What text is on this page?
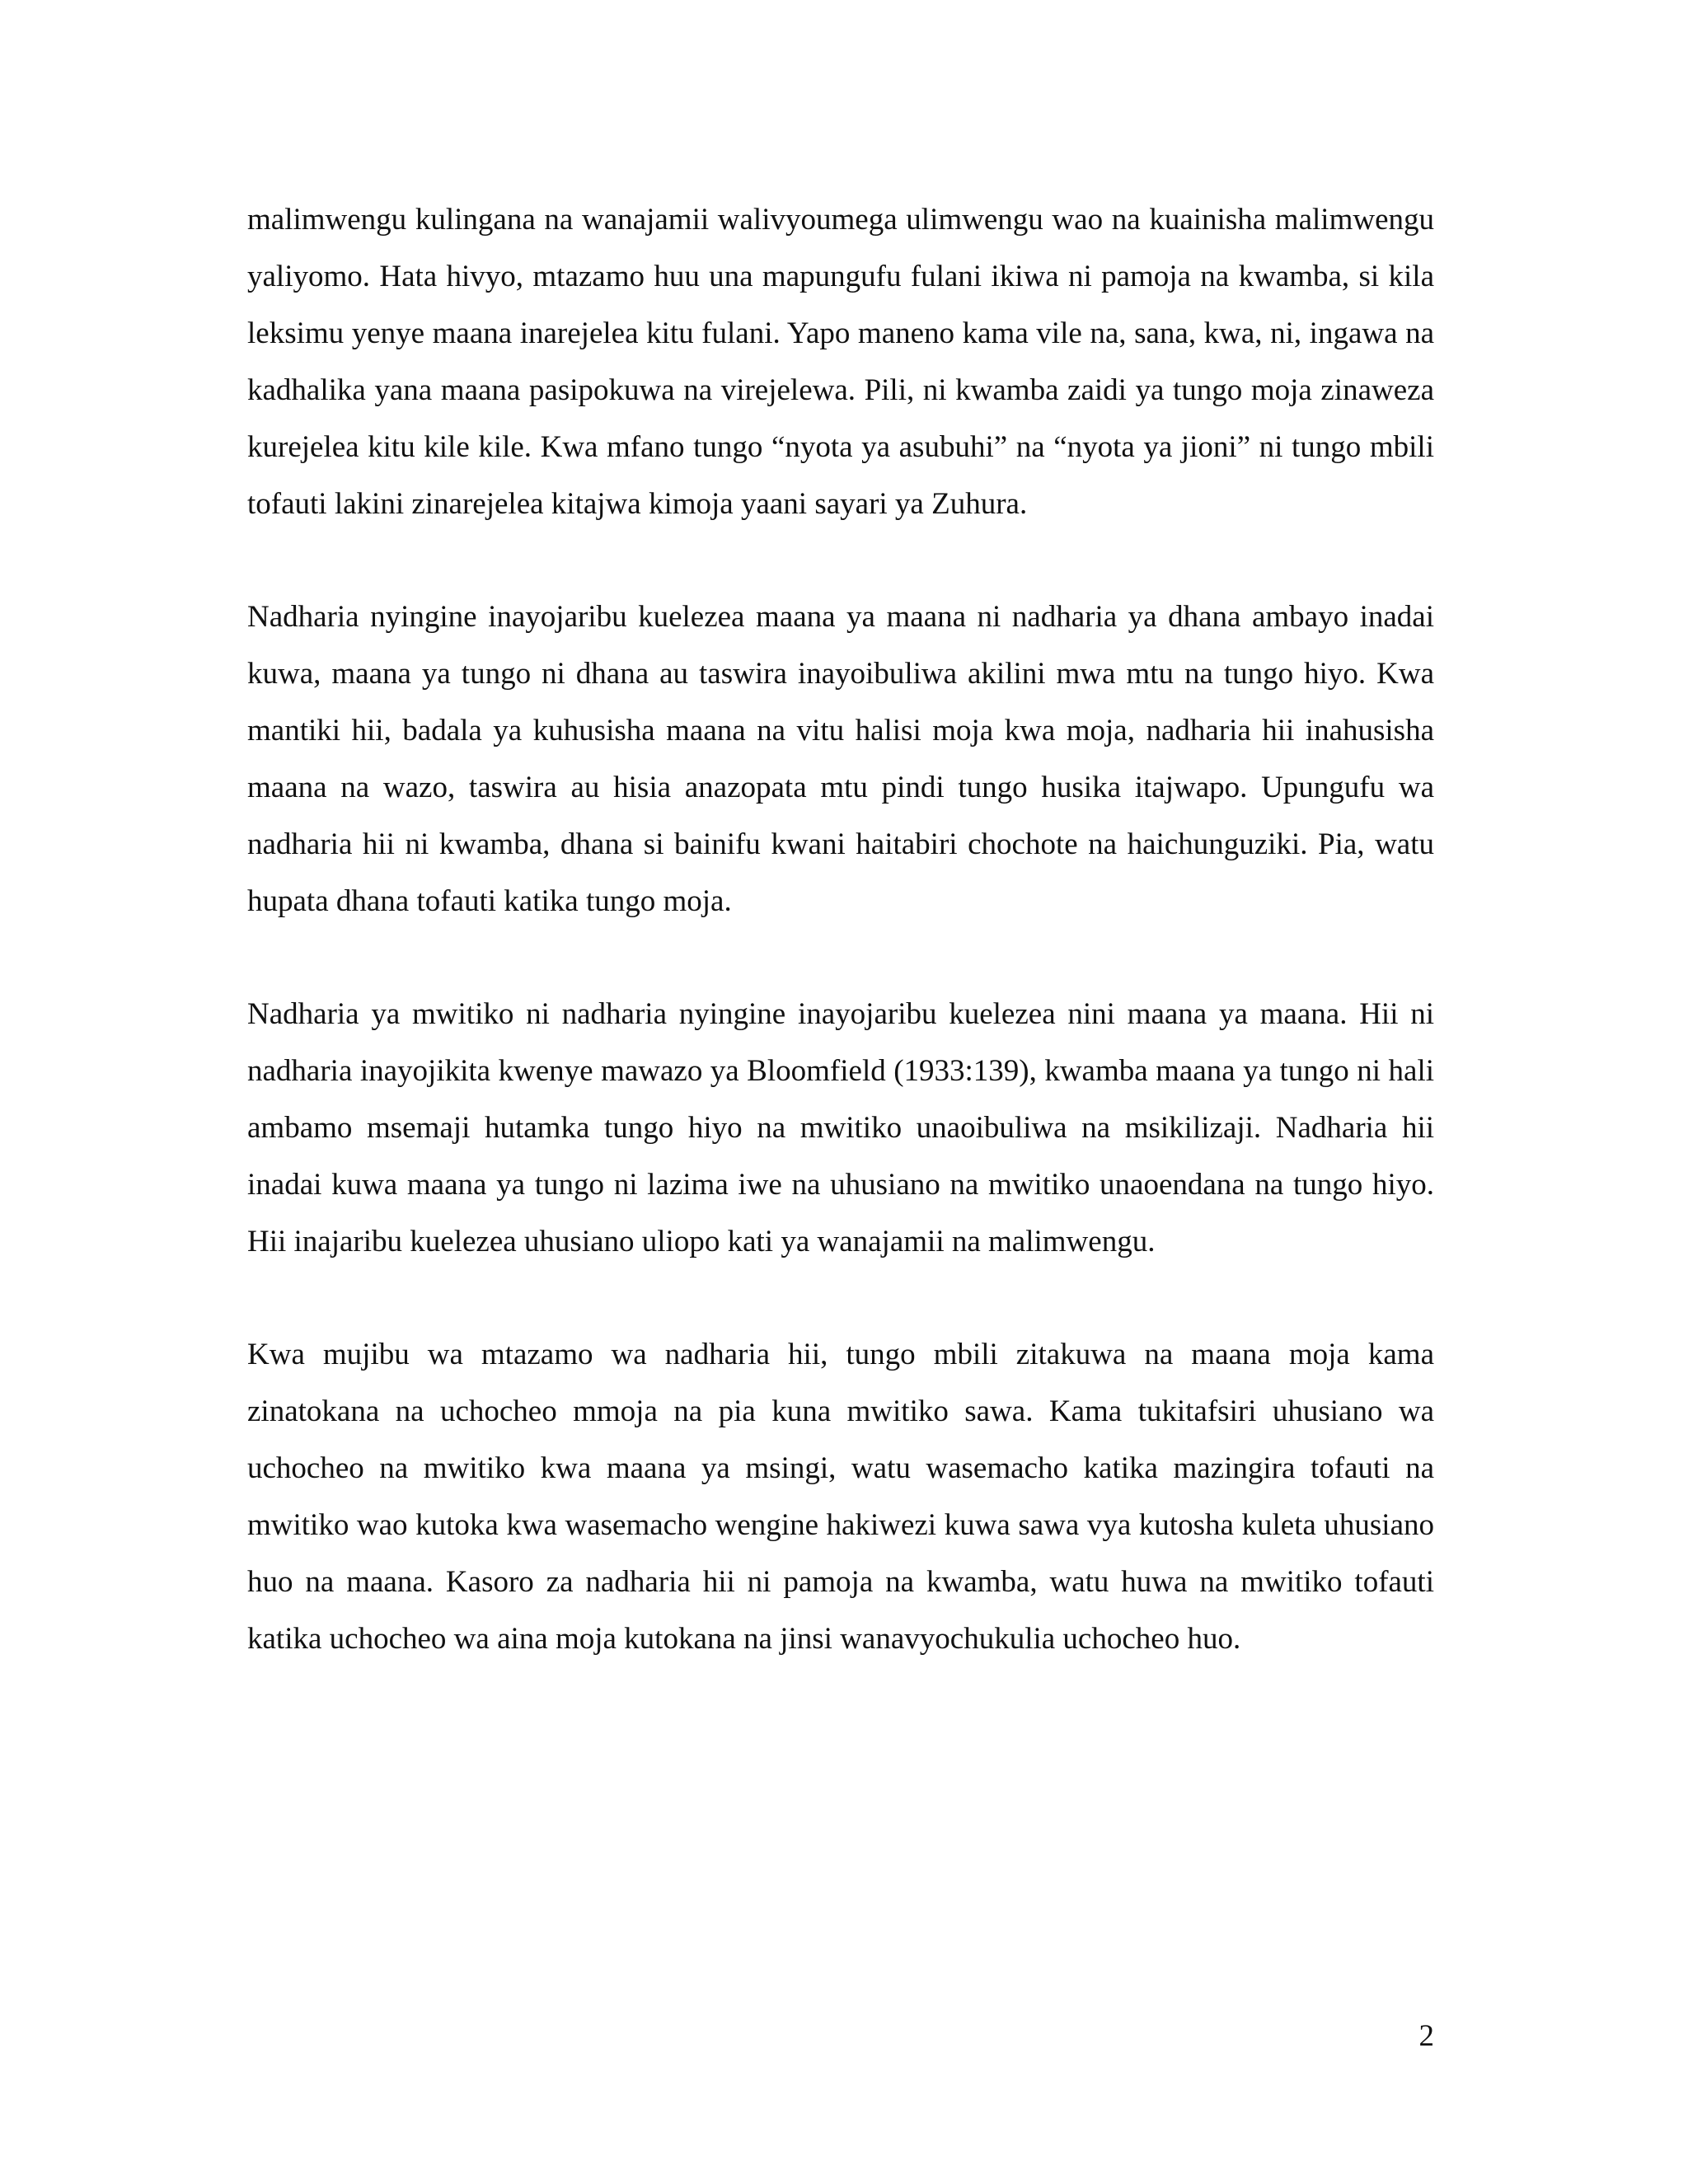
malimwengu kulingana na wanajamii walivyoumega ulimwengu wao na kuainisha malimwengu yaliyomo. Hata hivyo, mtazamo huu una mapungufu fulani ikiwa ni pamoja na kwamba, si kila leksimu yenye maana inarejelea kitu fulani. Yapo maneno kama vile na, sana, kwa, ni, ingawa na kadhalika yana maana pasipokuwa na virejelewa. Pili, ni kwamba zaidi ya tungo moja zinaweza kurejelea kitu kile kile. Kwa mfano tungo “nyota ya asubuhi” na “nyota ya jioni” ni tungo mbili tofauti lakini zinarejelea kitajwa kimoja yaani sayari ya Zuhura.

Nadharia nyingine inayojaribu kuelezea maana ya maana ni nadharia ya dhana ambayo inadai kuwa, maana ya tungo ni dhana au taswira inayoibuliwa akilini mwa mtu na tungo hiyo. Kwa mantiki hii, badala ya kuhusisha maana na vitu halisi moja kwa moja, nadharia hii inahusisha maana na wazo, taswira au hisia anazopata mtu pindi tungo husika itajwapo. Upungufu wa nadharia hii ni kwamba, dhana si bainifu kwani haitabiri chochote na haichunguziki. Pia, watu hupata dhana tofauti katika tungo moja.

Nadharia ya mwitiko ni nadharia nyingine inayojaribu kuelezea nini maana ya maana. Hii ni nadharia inayojikita kwenye mawazo ya Bloomfield (1933:139), kwamba maana ya tungo ni hali ambamo msemaji hutamka tungo hiyo na mwitiko unaoibuliwa na msikilizaji. Nadharia hii inadai kuwa maana ya tungo ni lazima iwe na uhusiano na mwitiko unaoendana na tungo hiyo. Hii inajaribu kuelezea uhusiano uliopo kati ya wanajamii na malimwengu.

Kwa mujibu wa mtazamo wa nadharia hii, tungo mbili zitakuwa na maana moja kama zinatokana na uchocheo mmoja na pia kuna mwitiko sawa. Kama tukitafsiri uhusiano wa uchocheo na mwitiko kwa maana ya msingi, watu wasemacho katika mazingira tofauti na mwitiko wao kutoka kwa wasemacho wengine hakiwezi kuwa sawa vya kutosha kuleta uhusiano huo na maana. Kasoro za nadharia hii ni pamoja na kwamba, watu huwa na mwitiko tofauti katika uchocheo wa aina moja kutokana na jinsi wanavyochukulia uchocheo huo.

2
